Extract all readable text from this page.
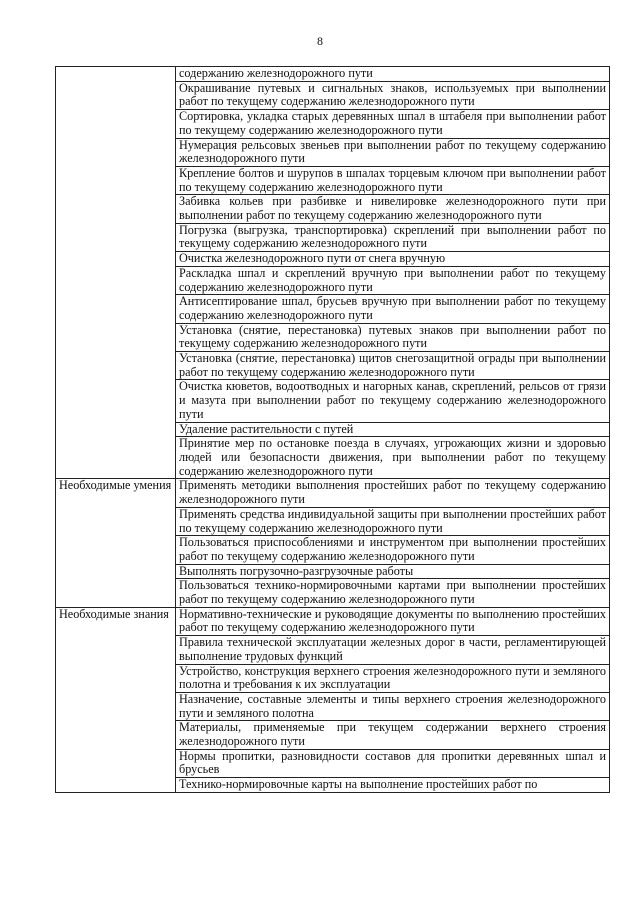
8
	содержанию железнодорожного пути
	Окрашивание путевых и сигнальных знаков, используемых при выполнении работ по текущему содержанию железнодорожного пути
	Сортировка, укладка старых деревянных шпал в штабеля при выполнении работ по текущему содержанию железнодорожного пути
	Нумерация рельсовых звеньев при выполнении работ по текущему содержанию железнодорожного пути
	Крепление болтов и шурупов в шпалах торцевым ключом при выполнении работ по текущему содержанию железнодорожного пути
	Забивка кольев при разбивке и нивелировке железнодорожного пути при выполнении работ по текущему содержанию железнодорожного пути
	Погрузка (выгрузка, транспортировка) скреплений при выполнении работ по текущему содержанию железнодорожного пути
	Очистка железнодорожного пути от снега вручную
	Раскладка шпал и скреплений вручную при выполнении работ по текущему содержанию железнодорожного пути
	Антисептирование шпал, брусьев вручную при выполнении работ по текущему содержанию железнодорожного пути
	Установка (снятие, перестановка) путевых знаков при выполнении работ по текущему содержанию железнодорожного пути
	Установка (снятие, перестановка) щитов снегозащитной ограды при выполнении работ по текущему содержанию железнодорожного пути
	Очистка кюветов, водоотводных и нагорных канав, скреплений, рельсов от грязи и мазута при выполнении работ по текущему содержанию железнодорожного пути
	Удаление растительности с путей
	Принятие мер по остановке поезда в случаях, угрожающих жизни и здоровью людей или безопасности движения, при выполнении работ по текущему содержанию железнодорожного пути
Необходимые умения	Применять методики выполнения простейших работ по текущему содержанию железнодорожного пути
	Применять средства индивидуальной защиты при выполнении простейших работ по текущему содержанию железнодорожного пути
	Пользоваться приспособлениями и инструментом при выполнении простейших работ по текущему содержанию железнодорожного пути
	Выполнять погрузочно-разгрузочные работы
	Пользоваться технико-нормировочными картами при выполнении простейших работ по текущему содержанию железнодорожного пути
Необходимые знания	Нормативно-технические и руководящие документы по выполнению простейших работ по текущему содержанию железнодорожного пути
	Правила технической эксплуатации железных дорог в части, регламентирующей выполнение трудовых функций
	Устройство, конструкция верхнего строения железнодорожного пути и земляного полотна и требования к их эксплуатации
	Назначение, составные элементы и типы верхнего строения железнодорожного пути и земляного полотна
	Материалы, применяемые при текущем содержании верхнего строения железнодорожного пути
	Нормы пропитки, разновидности составов для пропитки деревянных шпал и брусьев
	Технико-нормировочные карты на выполнение простейших работ по
